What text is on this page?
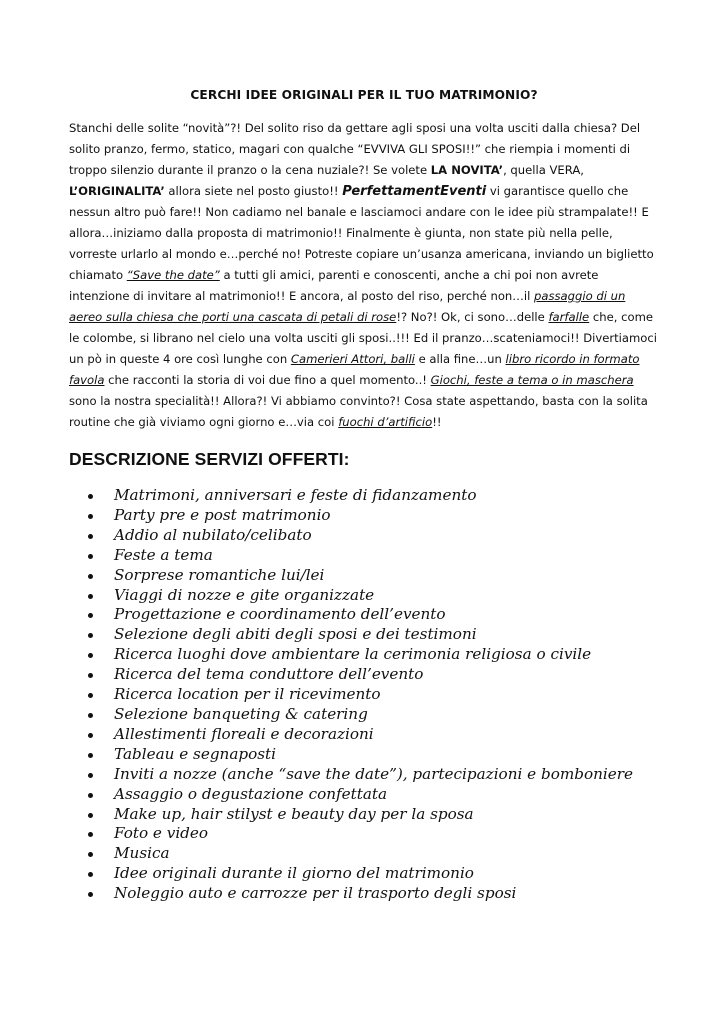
CERCHI IDEE ORIGINALI PER IL TUO MATRIMONIO?

Stanchi delle solite “novità”?! Del solito riso da gettare agli sposi una volta usciti dalla chiesa? Del solito pranzo, fermo, statico, magari con qualche “EVVIVA GLI SPOSI!!” che riempia i momenti di troppo silenzio durante il pranzo o la cena nuziale?! Se volete LA NOVITA’, quella VERA, L’ORIGINALITA’ allora siete nel posto giusto!! PerfettamentEventi vi garantisce quello che nessun altro può fare!! Non cadiamo nel banale e lasciamoci andare con le idee più strampalate!! E allora…iniziamo dalla proposta di matrimonio!! Finalmente è giunta, non state più nella pelle, vorreste urlarlo al mondo e…perché no! Potreste copiare un’usanza americana, inviando un biglietto chiamato “Save the date” a tutti gli amici, parenti e conoscenti, anche a chi poi non avrete intenzione di invitare al matrimonio!! E ancora, al posto del riso, perché non…il passaggio di un aereo sulla chiesa che porti una cascata di petali di rose!? No?! Ok, ci sono…delle farfalle che, come le colombe, si librano nel cielo una volta usciti gli sposi..!!! Ed il pranzo…scateniamoci!! Divertiamoci un pò in queste 4 ore così lunghe con Camerieri Attori, balli e alla fine…un libro ricordo in formato favola che racconti la storia di voi due fino a quel momento..! Giochi, feste a tema o in maschera sono la nostra specialità!! Allora?! Vi abbiamo convinto?! Cosa state aspettando, basta con la solita routine che già viviamo ogni giorno e…via coi fuochi d’artificio!!

DESCRIZIONE SERVIZI OFFERTI:
Matrimoni, anniversari e feste di fidanzamento
Party pre e post matrimonio
Addio al nubilato/celibato
Feste a tema
Sorprese romantiche lui/lei
Viaggi di nozze e gite organizzate
Progettazione e coordinamento dell’evento
Selezione degli abiti degli sposi e dei testimoni
Ricerca luoghi dove ambientare la cerimonia religiosa o civile
Ricerca del tema conduttore dell’evento
Ricerca location per il ricevimento
Selezione banqueting & catering
Allestimenti floreali e decorazioni
Tableau e segnaposti
Inviti a nozze (anche “save the date”), partecipazioni e bomboniere
Assaggio o degustazione confettata
Make up, hair stilyst e beauty day per la sposa
Foto e video
Musica
Idee originali durante il giorno del matrimonio
Noleggio auto e carrozze per il trasporto degli sposi
